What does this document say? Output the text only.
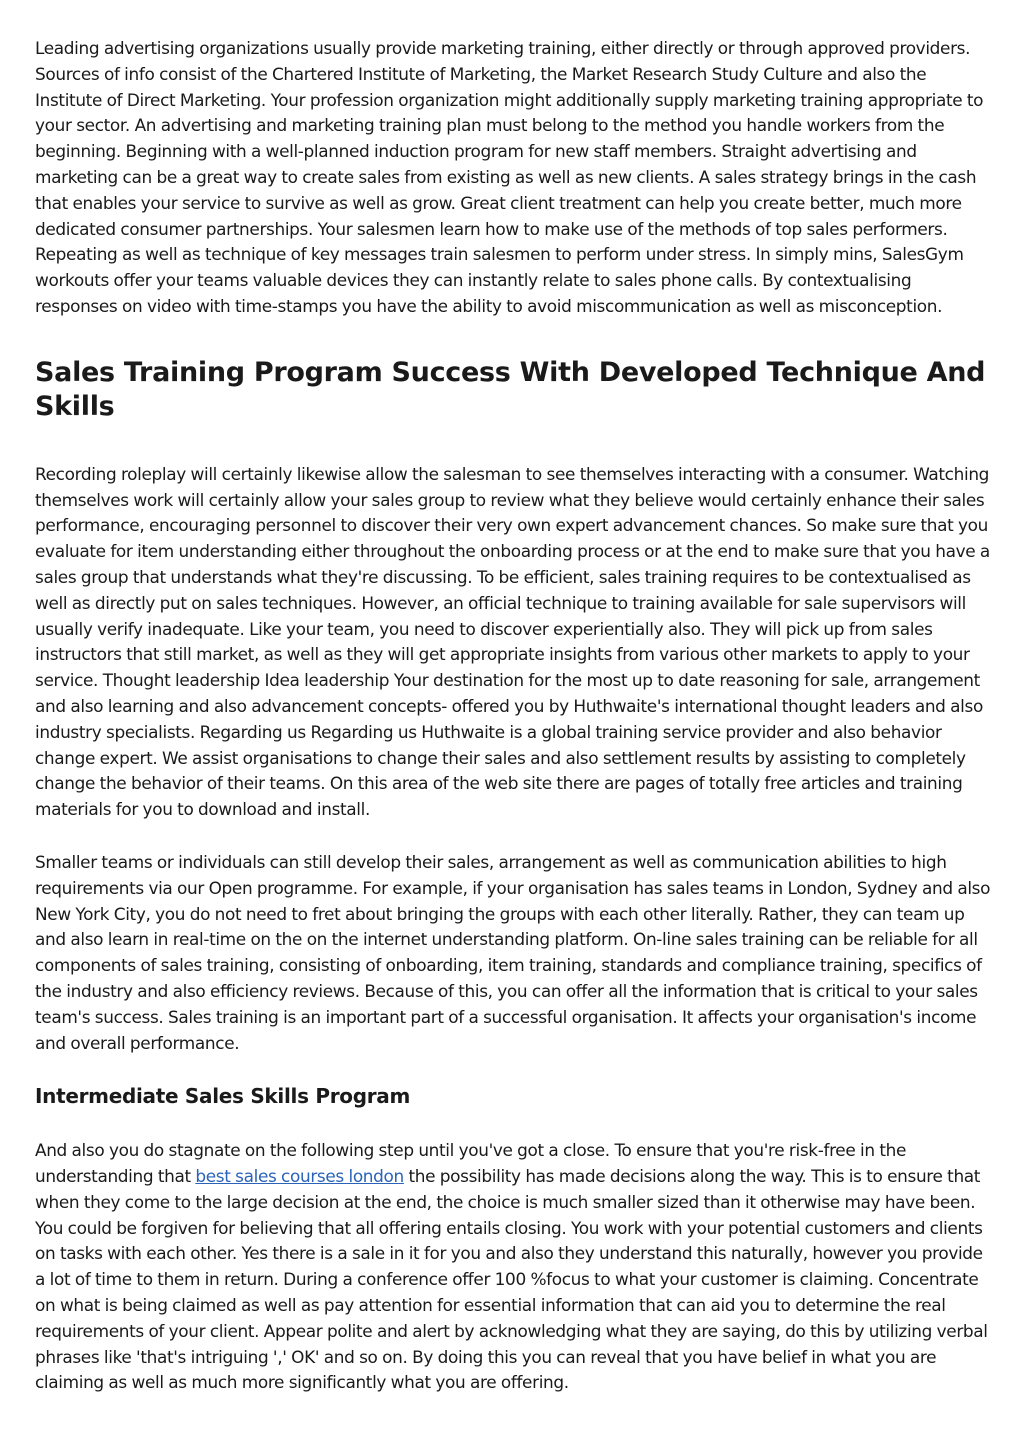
Leading advertising organizations usually provide marketing training, either directly or through approved providers. Sources of info consist of the Chartered Institute of Marketing, the Market Research Study Culture and also the Institute of Direct Marketing. Your profession organization might additionally supply marketing training appropriate to your sector. An advertising and marketing training plan must belong to the method you handle workers from the beginning. Beginning with a well-planned induction program for new staff members. Straight advertising and marketing can be a great way to create sales from existing as well as new clients. A sales strategy brings in the cash that enables your service to survive as well as grow. Great client treatment can help you create better, much more dedicated consumer partnerships. Your salesmen learn how to make use of the methods of top sales performers. Repeating as well as technique of key messages train salesmen to perform under stress. In simply mins, SalesGym workouts offer your teams valuable devices they can instantly relate to sales phone calls. By contextualising responses on video with time-stamps you have the ability to avoid miscommunication as well as misconception.

Sales Training Program Success With Developed Technique And Skills

Recording roleplay will certainly likewise allow the salesman to see themselves interacting with a consumer. Watching themselves work will certainly allow your sales group to review what they believe would certainly enhance their sales performance, encouraging personnel to discover their very own expert advancement chances. So make sure that you evaluate for item understanding either throughout the onboarding process or at the end to make sure that you have a sales group that understands what they're discussing. To be efficient, sales training requires to be contextualised as well as directly put on sales techniques. However, an official technique to training available for sale supervisors will usually verify inadequate. Like your team, you need to discover experientially also. They will pick up from sales instructors that still market, as well as they will get appropriate insights from various other markets to apply to your service. Thought leadership Idea leadership Your destination for the most up to date reasoning for sale, arrangement and also learning and also advancement concepts- offered you by Huthwaite's international thought leaders and also industry specialists. Regarding us Regarding us Huthwaite is a global training service provider and also behavior change expert. We assist organisations to change their sales and also settlement results by assisting to completely change the behavior of their teams. On this area of the web site there are pages of totally free articles and training materials for you to download and install.

Smaller teams or individuals can still develop their sales, arrangement as well as communication abilities to high requirements via our Open programme. For example, if your organisation has sales teams in London, Sydney and also New York City, you do not need to fret about bringing the groups with each other literally. Rather, they can team up and also learn in real-time on the on the internet understanding platform. On-line sales training can be reliable for all components of sales training, consisting of onboarding, item training, standards and compliance training, specifics of the industry and also efficiency reviews. Because of this, you can offer all the information that is critical to your sales team's success. Sales training is an important part of a successful organisation. It affects your organisation's income and overall performance.

Intermediate Sales Skills Program

And also you do stagnate on the following step until you've got a close. To ensure that you're risk-free in the understanding that best sales courses london the possibility has made decisions along the way. This is to ensure that when they come to the large decision at the end, the choice is much smaller sized than it otherwise may have been. You could be forgiven for believing that all offering entails closing. You work with your potential customers and clients on tasks with each other. Yes there is a sale in it for you and also they understand this naturally, however you provide a lot of time to them in return. During a conference offer 100 %focus to what your customer is claiming. Concentrate on what is being claimed as well as pay attention for essential information that can aid you to determine the real requirements of your client. Appear polite and alert by acknowledging what they are saying, do this by utilizing verbal phrases like 'that's intriguing ',' OK' and so on. By doing this you can reveal that you have belief in what you are claiming as well as much more significantly what you are offering.
